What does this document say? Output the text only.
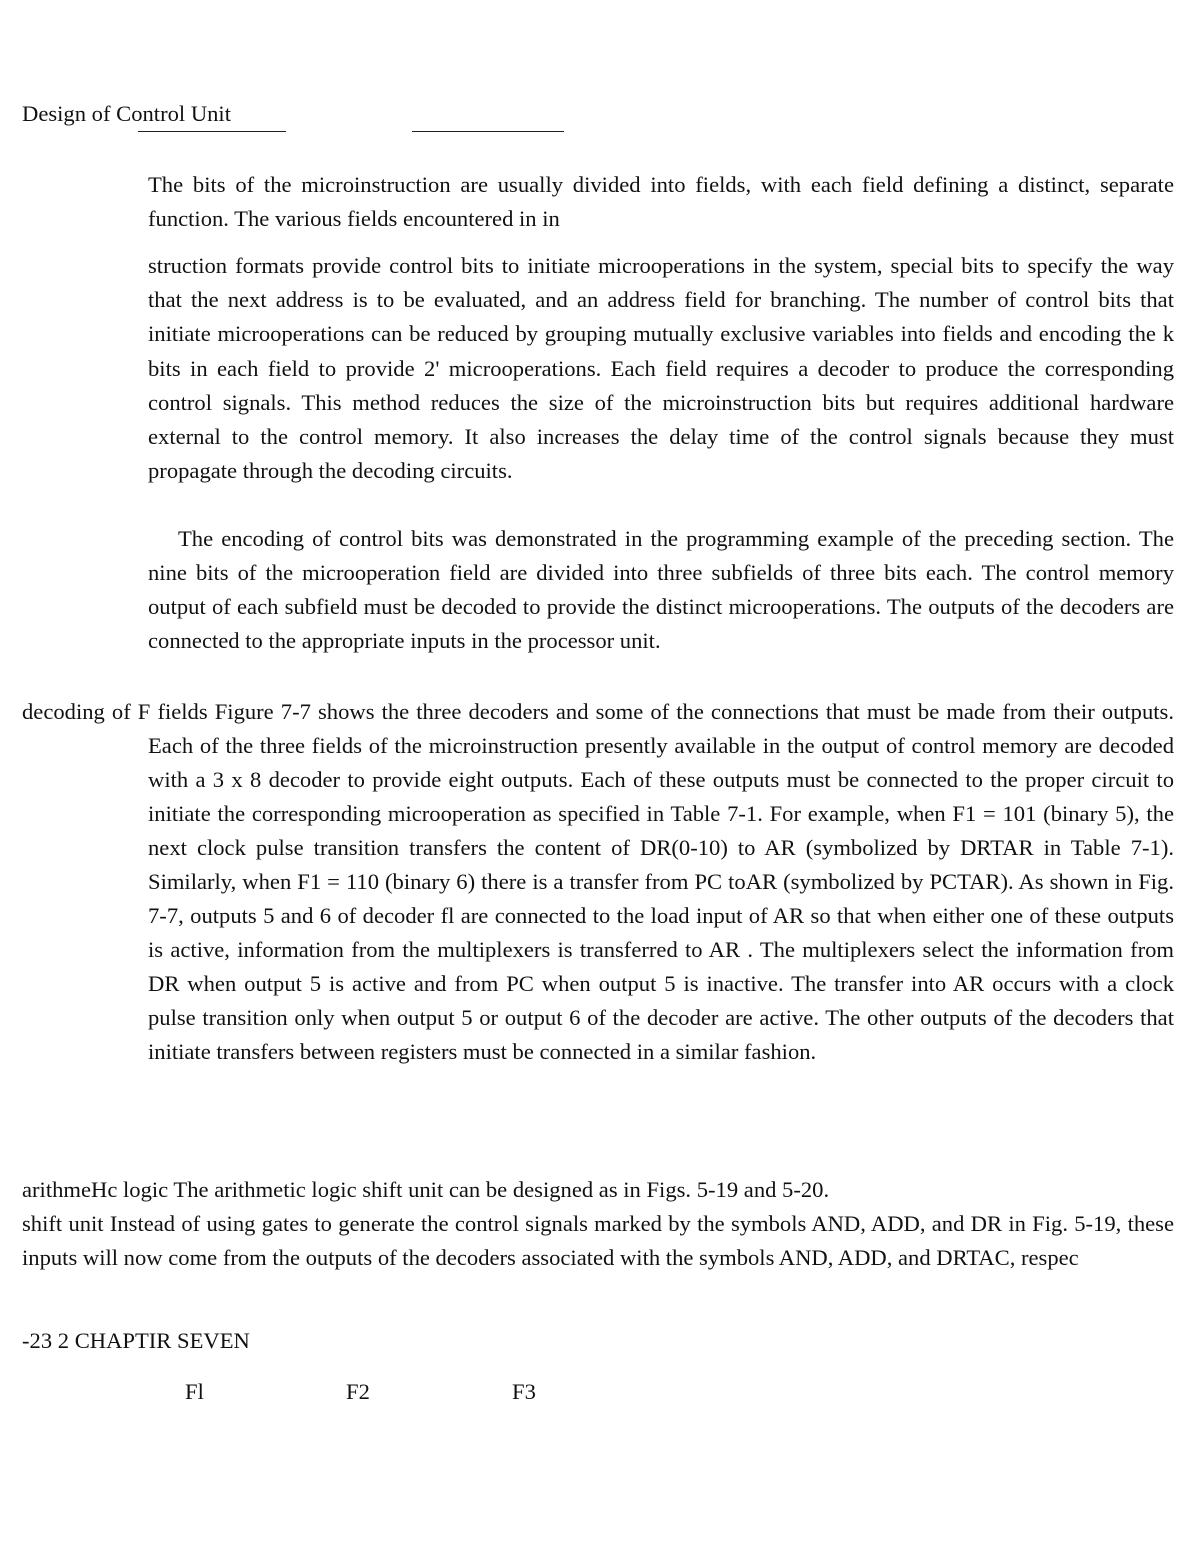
Design of Control Unit

The bits of the microinstruction are usually divided into fields, with each field defining a distinct, separate function. The various fields encountered in in

struction formats provide control bits to initiate microoperations in the system, special bits to specify the way that the next address is to be evaluated, and an address field for branching. The number of control bits that initiate microoperations can be reduced by grouping mutually exclusive variables into fields and encoding the k bits in each field to provide 2' microoperations. Each field requires a decoder to produce the corresponding control signals. This method reduces the size of the microinstruction bits but requires additional hardware external to the control memory. It also increases the delay time of the control signals because they must propagate through the decoding circuits.

The encoding of control bits was demonstrated in the programming example of the preceding section. The nine bits of the microoperation field are divided into three subfields of three bits each. The control memory output of each subfield must be decoded to provide the distinct microoperations. The outputs of the decoders are connected to the appropriate inputs in the processor unit.

decoding of F fields Figure 7-7 shows the three decoders and some of the connections that must be made from their outputs. Each of the three fields of the microinstruction presently available in the output of control memory are decoded with a 3 x 8 decoder to provide eight outputs. Each of these outputs must be connected to the proper circuit to initiate the corresponding microoperation as specified in Table 7-1. For example, when F1 = 101 (binary 5), the next clock pulse transition transfers the content of DR(0-10) to AR (symbolized by DRTAR in Table 7-1). Similarly, when F1 = 110 (binary 6) there is a transfer from PC toAR (symbolized by PCTAR). As shown in Fig. 7-7, outputs 5 and 6 of decoder fl are connected to the load input of AR so that when either one of these outputs is active, information from the multiplexers is transferred to AR . The multiplexers select the information from DR when output 5 is active and from PC when output 5 is inactive. The transfer into AR occurs with a clock pulse transition only when output 5 or output 6 of the decoder are active. The other outputs of the decoders that initiate transfers between registers must be connected in a similar fashion.

arithmeHc logic The arithmetic logic shift unit can be designed as in Figs. 5-19 and 5-20.

shift unit Instead of using gates to generate the control signals marked by the symbols AND, ADD, and DR in Fig. 5-19, these inputs will now come from the outputs of the decoders associated with the symbols AND, ADD, and DRTAC, respec

-23 2 CHAPTIR SEVEN
Fl	F2	F3
